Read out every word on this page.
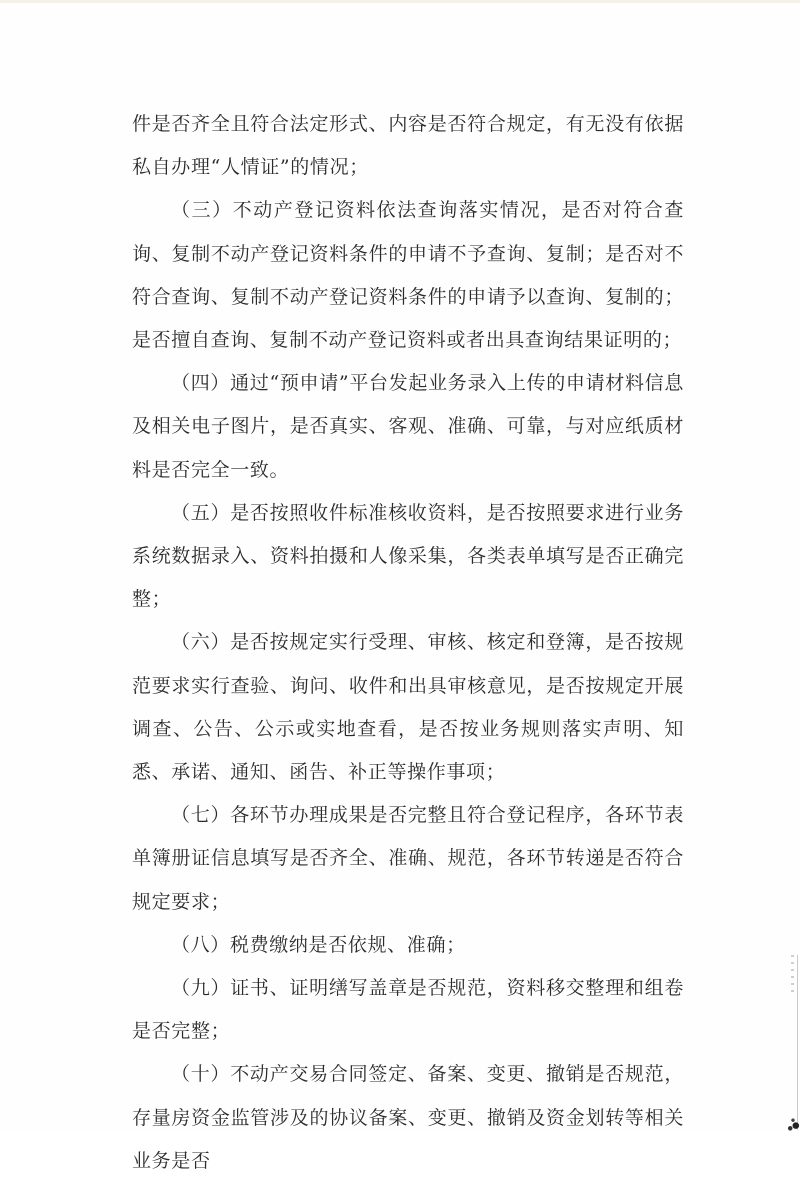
件是否齐全且符合法定形式、内容是否符合规定，有无没有依据私自办理“人情证”的情况；

（三）不动产登记资料依法查询落实情况，是否对符合查询、复制不动产登记资料条件的申请不予查询、复制；是否对不符合查询、复制不动产登记资料条件的申请予以查询、复制的；是否擅自查询、复制不动产登记资料或者出具查询结果证明的；

（四）通过“预申请”平台发起业务录入上传的申请材料信息及相关电子图片，是否真实、客观、准确、可靠，与对应纸质材料是否完全一致。

（五）是否按照收件标准核收资料，是否按照要求进行业务系统数据录入、资料拍摄和人像采集，各类表单填写是否正确完整；

（六）是否按规定实行受理、审核、核定和登簿，是否按规范要求实行查验、询问、收件和出具审核意见，是否按规定开展调查、公告、公示或实地查看，是否按业务规则落实声明、知悉、承诺、通知、函告、补正等操作事项；

（七）各环节办理成果是否完整且符合登记程序，各环节表单簿册证信息填写是否齐全、准确、规范，各环节转递是否符合规定要求；

（八）税费缴纳是否依规、准确；

（九）证书、证明缮写盖章是否规范，资料移交整理和组卷是否完整；

（十）不动产交易合同签定、备案、变更、撤销是否规范，存量房资金监管涉及的协议备案、变更、撤销及资金划转等相关业务是否
